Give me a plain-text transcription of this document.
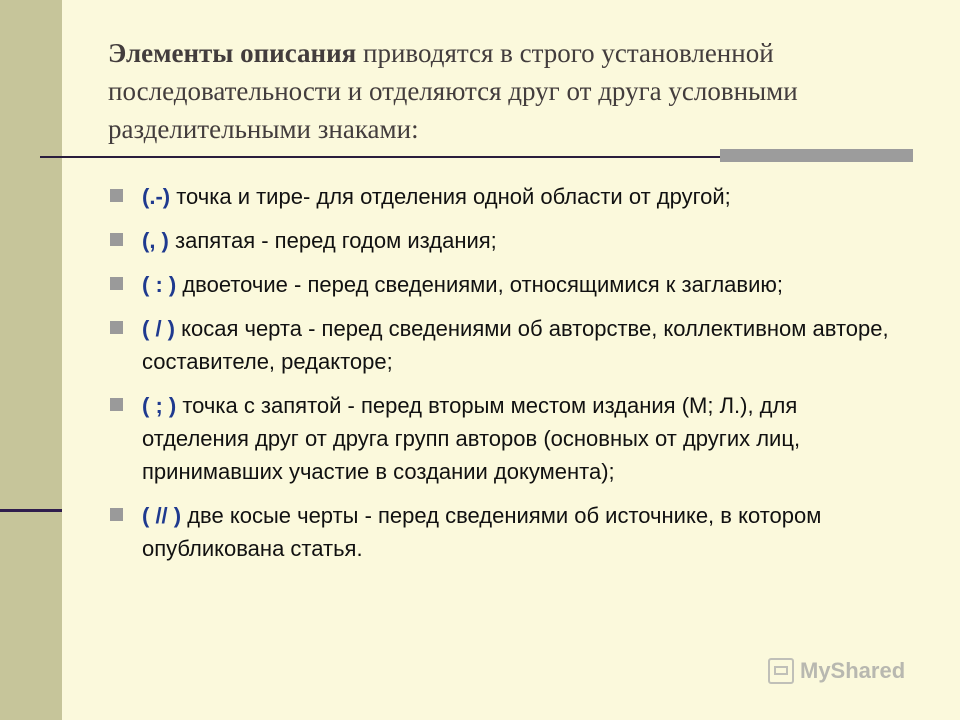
Элементы описания приводятся в строго установленной последовательности и отделяются друг от друга условными разделительными знаками:
(.-) точка и тире- для отделения одной области от другой;
(, ) запятая - перед годом издания;
( : ) двоеточие - перед сведениями, относящимися к заглавию;
( / ) косая черта - перед сведениями об авторстве, коллективном авторе, составителе, редакторе;
( ; ) точка с запятой - перед вторым местом издания (М; Л.), для отделения друг от друга групп авторов (основных от других лиц, принимавших участие в создании документа);
( // ) две косые черты - перед сведениями об источнике, в котором опубликована статья.
MyShared
